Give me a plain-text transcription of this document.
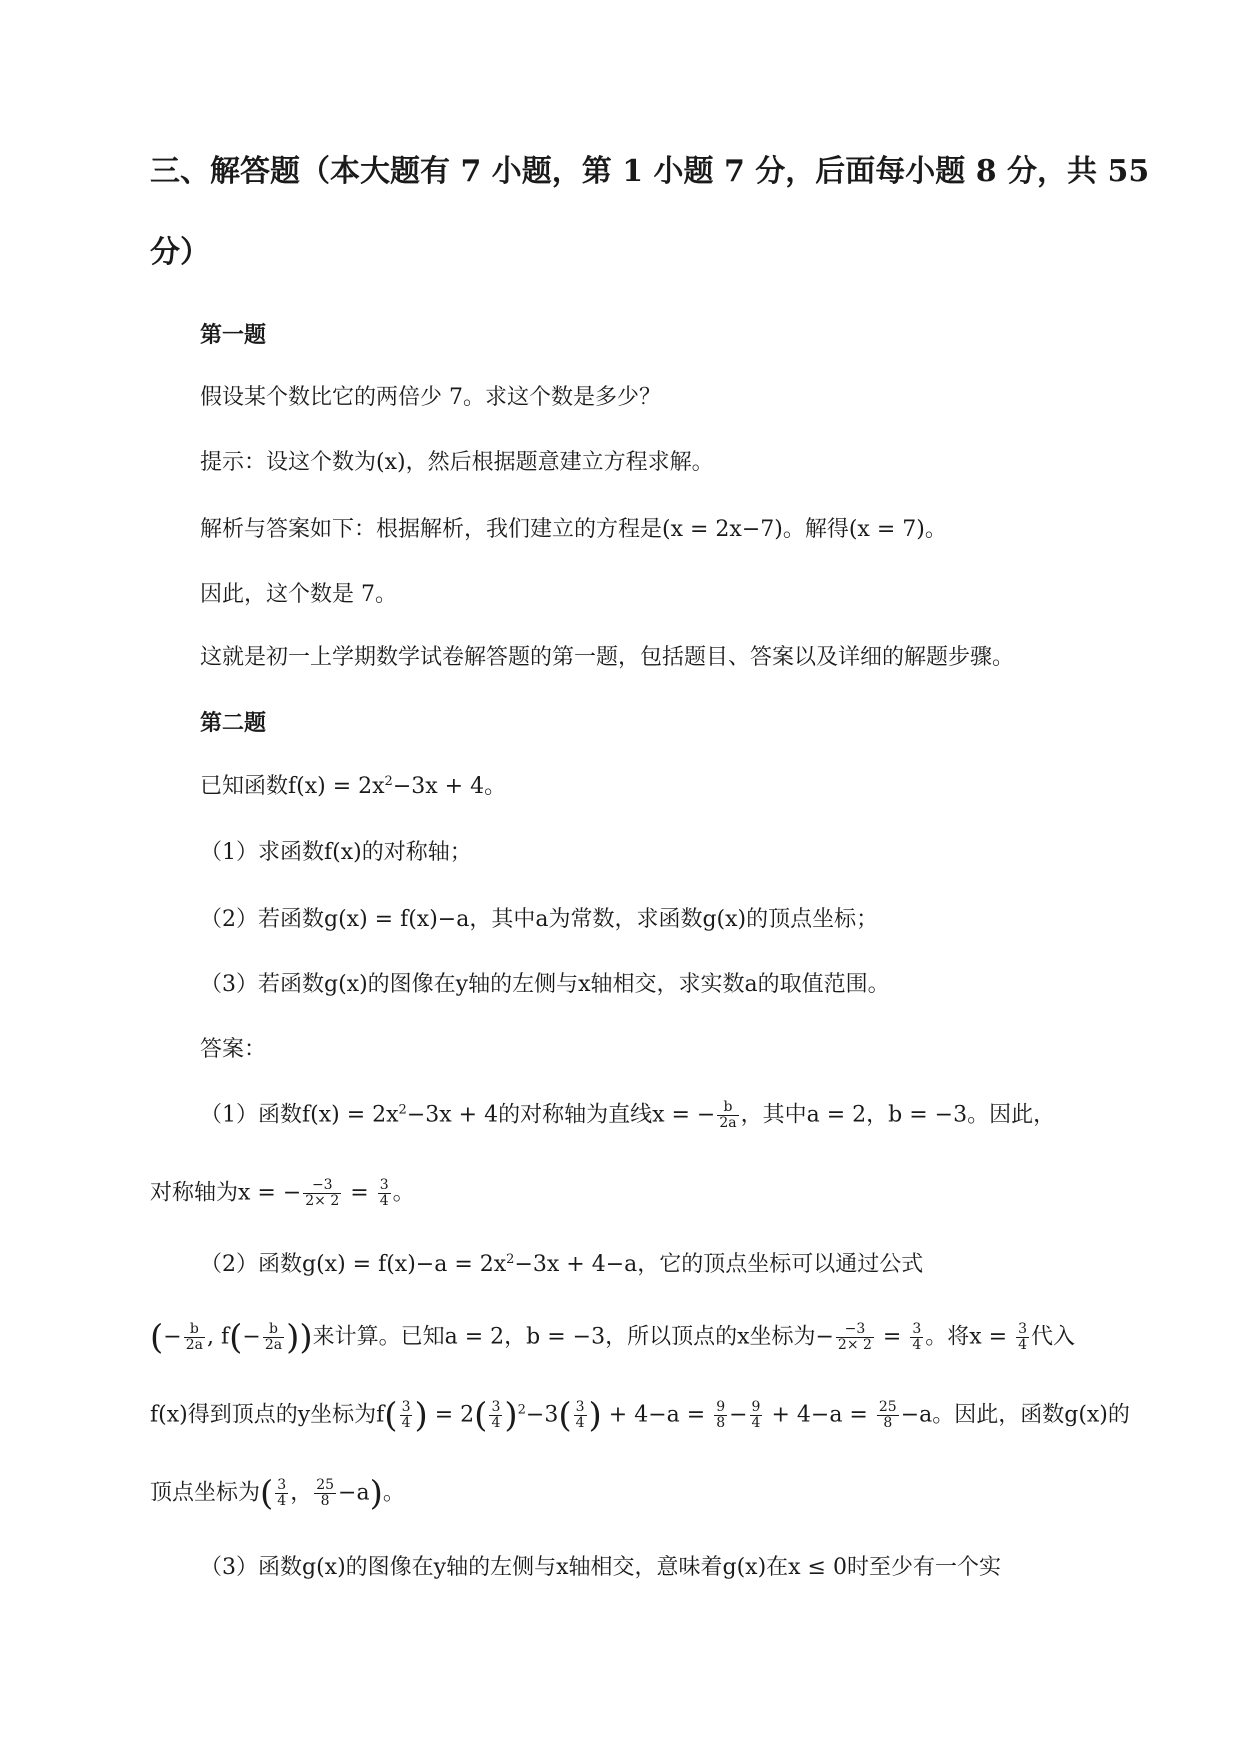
三、解答题（本大题有 7 小题，第 1 小题 7 分，后面每小题 8 分，共 55
分）
第一题
假设某个数比它的两倍少 7。求这个数是多少？
提示：设这个数为(x)，然后根据题意建立方程求解。
解析与答案如下：根据解析，我们建立的方程是(x = 2x−7)。解得(x = 7)。
因此，这个数是 7。
这就是初一上学期数学试卷解答题的第一题，包括题目、答案以及详细的解题步骤。
第二题
已知函数$f(x) = 2x^2-3x + 4$。
（1）求函数f(x)的对称轴；
（2）若函数g(x) = f(x)−a，其中a为常数，求函数g(x)的顶点坐标；
（3）若函数g(x)的图像在y轴的左侧与x轴相交，求实数a的取值范围。
答案：
（1）函数$f(x) = 2x^2-3x + 4$的对称轴为直线x = − $\frac{b}{2a}$ ，其中a = 2，b = −3。因此，
对称轴为x = − $\frac{-3}{2\times 2} = \frac{3}{4}$ 。
（2）函数$g(x) = f(x)-a = 2x^2-3x + 4-a$，它的顶点坐标可以通过公式
(− $\frac{b}{2a}$ , $f(- \frac{b}{2a}$ ))来计算。已知a = 2，b = −3，所以顶点的x坐标为− $\frac{-3}{2\times 2} = \frac{3}{4}$ 。将$x = \frac{3}{4}$ 代入
f(x)得到顶点的y坐标为$f( \frac{3}{4}$ ) = $2( \frac{3}{4} )^2-3( \frac{3}{4}$ ) + $4-a = \frac{9}{8} - \frac{9}{4} + 4-a = \frac{25}{8} -a$。因此，函数g(x)的
顶点坐标为( $\frac{3}{4}$ ， $\frac{25}{8} -a$)。
（3）函数g(x)的图像在y轴的左侧与x轴相交，意味着g(x)在x ≤ 0时至少有一个实
